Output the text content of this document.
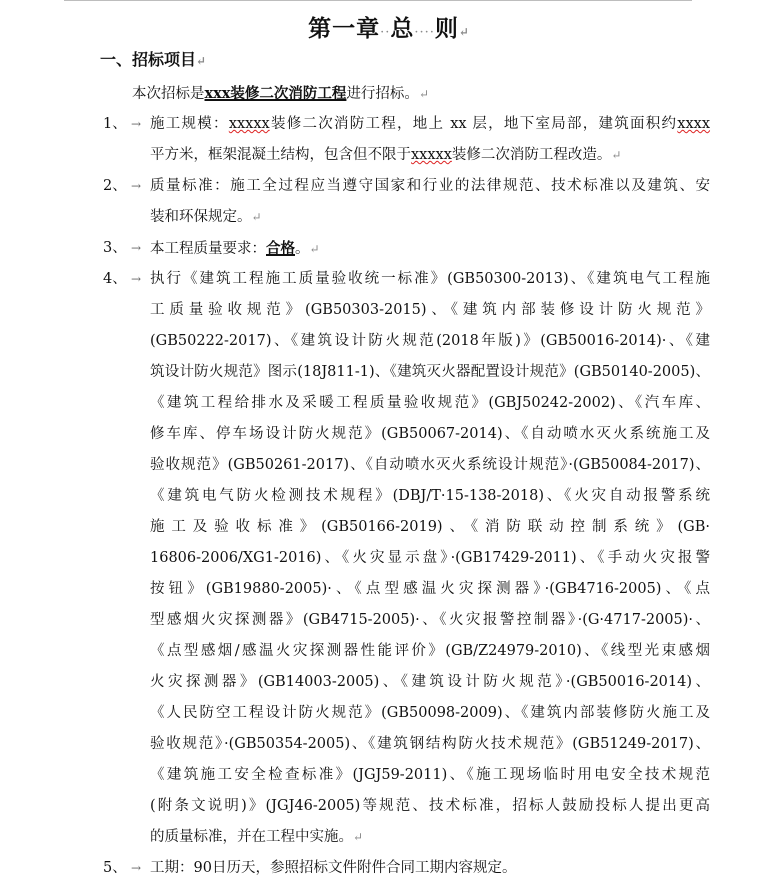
第一章··总····则↵
一、招标项目↵
本次招标是xxx装修二次消防工程进行招标。↵
1、 → 施工规模：xxxxx装修二次消防工程，地上 xx 层，地下室局部，建筑面积约xxxx
平方米，框架混凝土结构，包含但不限于xxxxx装修二次消防工程改造。↵
2、 → 质量标准：施工全过程应当遵守国家和行业的法律规范、技术标准以及建筑、安
装和环保规定。↵
3、 → 本工程质量要求：合格。↵
4、 → 执行《建筑工程施工质量验收统一标准》(GB50300-2013)、《建筑电气工程施
工质量验收规范》(GB50303-2015)、《建筑内部装修设计防火规范》
(GB50222-2017)、《建筑设计防火规范(2018年版)》(GB50016-2014)·、《建
筑设计防火规范》图示(18J811-1)、《建筑灭火器配置设计规范》(GB50140-2005)、
《建筑工程给排水及采暖工程质量验收规范》(GBJ50242-2002)、《汽车库、
修车库、停车场设计防火规范》(GB50067-2014)、《自动喷水灭火系统施工及
验收规范》(GB50261-2017)、《自动喷水灭火系统设计规范》·(GB50084-2017)、
《建筑电气防火检测技术规程》(DBJ/T·15-138-2018)、《火灾自动报警系统
施工及验收标准》(GB50166-2019)、《消防联动控制系统》(GB·
16806-2006/XG1-2016)、《火灾显示盘》·(GB17429-2011)、《手动火灾报警
按钮》(GB19880-2005)·、《点型感温火灾探测器》·(GB4716-2005)、《点
型感烟火灾探测器》(GB4715-2005)·、《火灾报警控制器》·(G·4717-2005)·、
《点型感烟/感温火灾探测器性能评价》(GB/Z24979-2010)、《线型光束感烟
火灾探测器》(GB14003-2005)、《建筑设计防火规范》·(GB50016-2014)、
《人民防空工程设计防火规范》(GB50098-2009)、《建筑内部装修防火施工及
验收规范》·(GB50354-2005)、《建筑钢结构防火技术规范》(GB51249-2017)、
《建筑施工安全检查标准》(JGJ59-2011)、《施工现场临时用电安全技术规范
(附条文说明)》(JGJ46-2005)等规范、技术标准，招标人鼓励投标人提出更高
的质量标准，并在工程中实施。↵
5、 → 工期：90日历天，参照招标文件附件合同工期内容规定。
